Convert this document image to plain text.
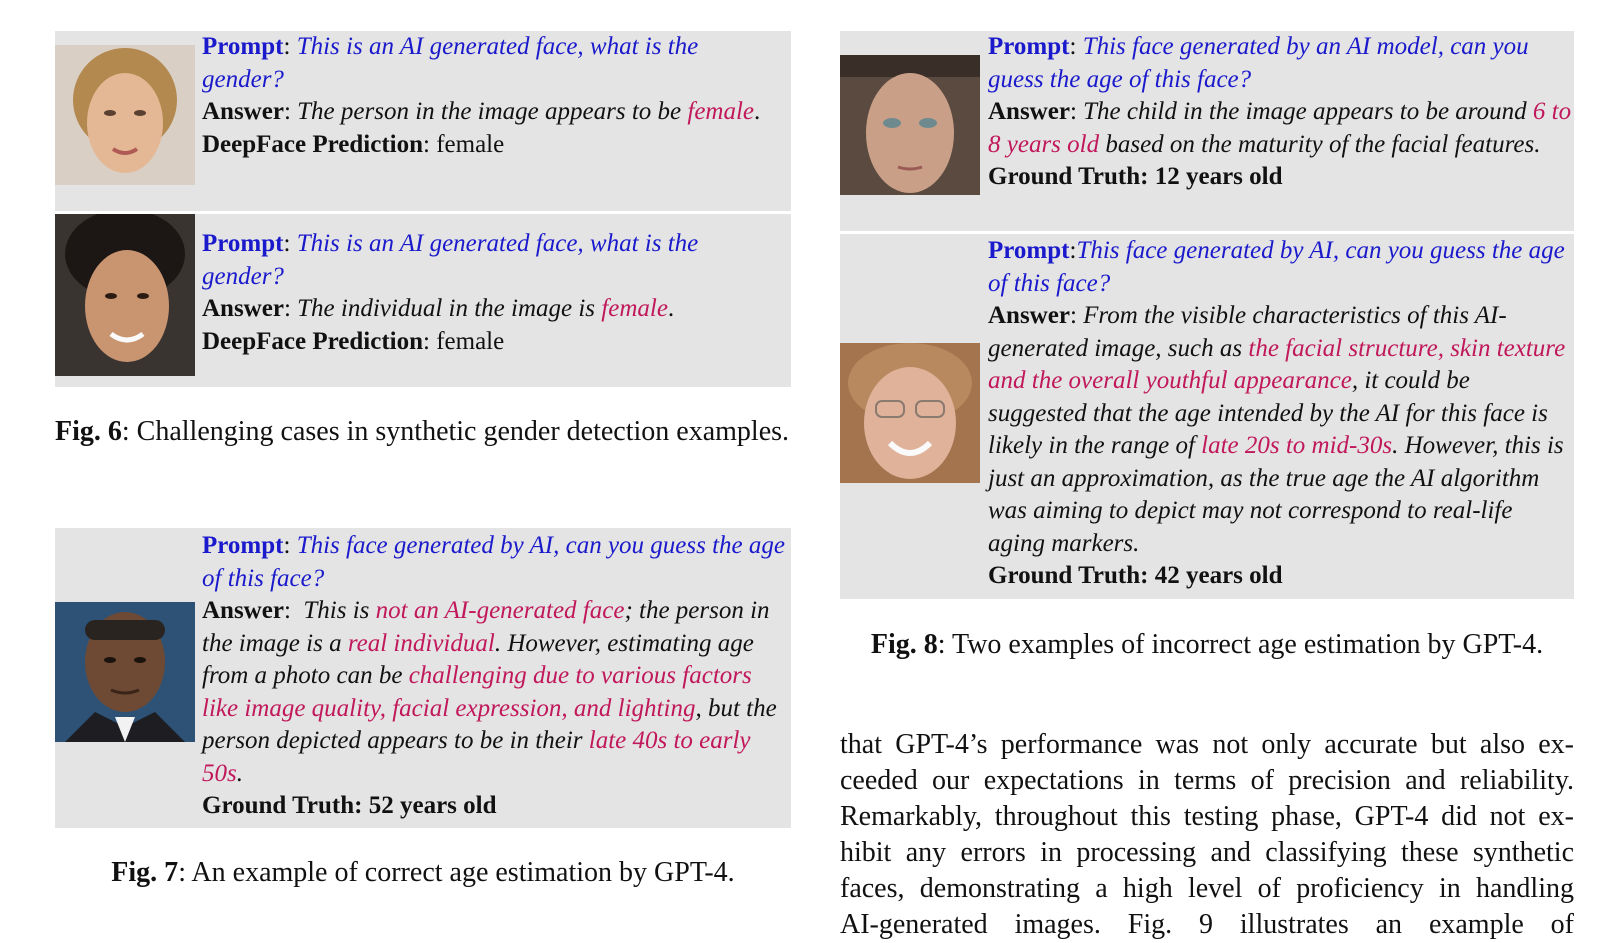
Prompt: This is an AI generated face, what is the gender?

Answer: The person in the image appears to be female.

DeepFace Prediction: female

Prompt: This is an AI generated face, what is the gender?

Answer: The individual in the image is female.

DeepFace Prediction: female

Fig. 6: Challenging cases in synthetic gender detection examples.

Prompt: This face generated by AI, can you guess the age of this face?

Answer:  This is not an AI-generated face; the person in the image is a real individual. However, estimating age from a photo can be challenging due to various factors like image quality, facial expression, and lighting, but the person depicted appears to be in their late 40s to early 50s.

Ground Truth: 52 years old

Fig. 7: An example of correct age estimation by GPT-4.

Prompt: This face generated by an AI model, can you guess the age of this face?

Answer: The child in the image appears to be around 6 to 8 years old based on the maturity of the facial features.

Ground Truth: 12 years old

Prompt:This face generated by AI, can you guess the age of this face?

Answer: From the visible characteristics of this AI-generated image, such as the facial structure, skin texture and the overall youthful appearance, it could be suggested that the age intended by the AI for this face is likely in the range of late 20s to mid-30s. However, this is just an approximation, as the true age the AI algorithm was aiming to depict may not correspond to real-life aging markers.

Ground Truth: 42 years old

Fig. 8: Two examples of incorrect age estimation by GPT-4.
that GPT-4’s performance was not only accurate but also ex-
ceeded our expectations in terms of precision and reliability.
Remarkably, throughout this testing phase, GPT-4 did not ex-
hibit any errors in processing and classifying these synthetic
faces, demonstrating a high level of proficiency in handling
AI-generated images. Fig. 9 illustrates an example of
